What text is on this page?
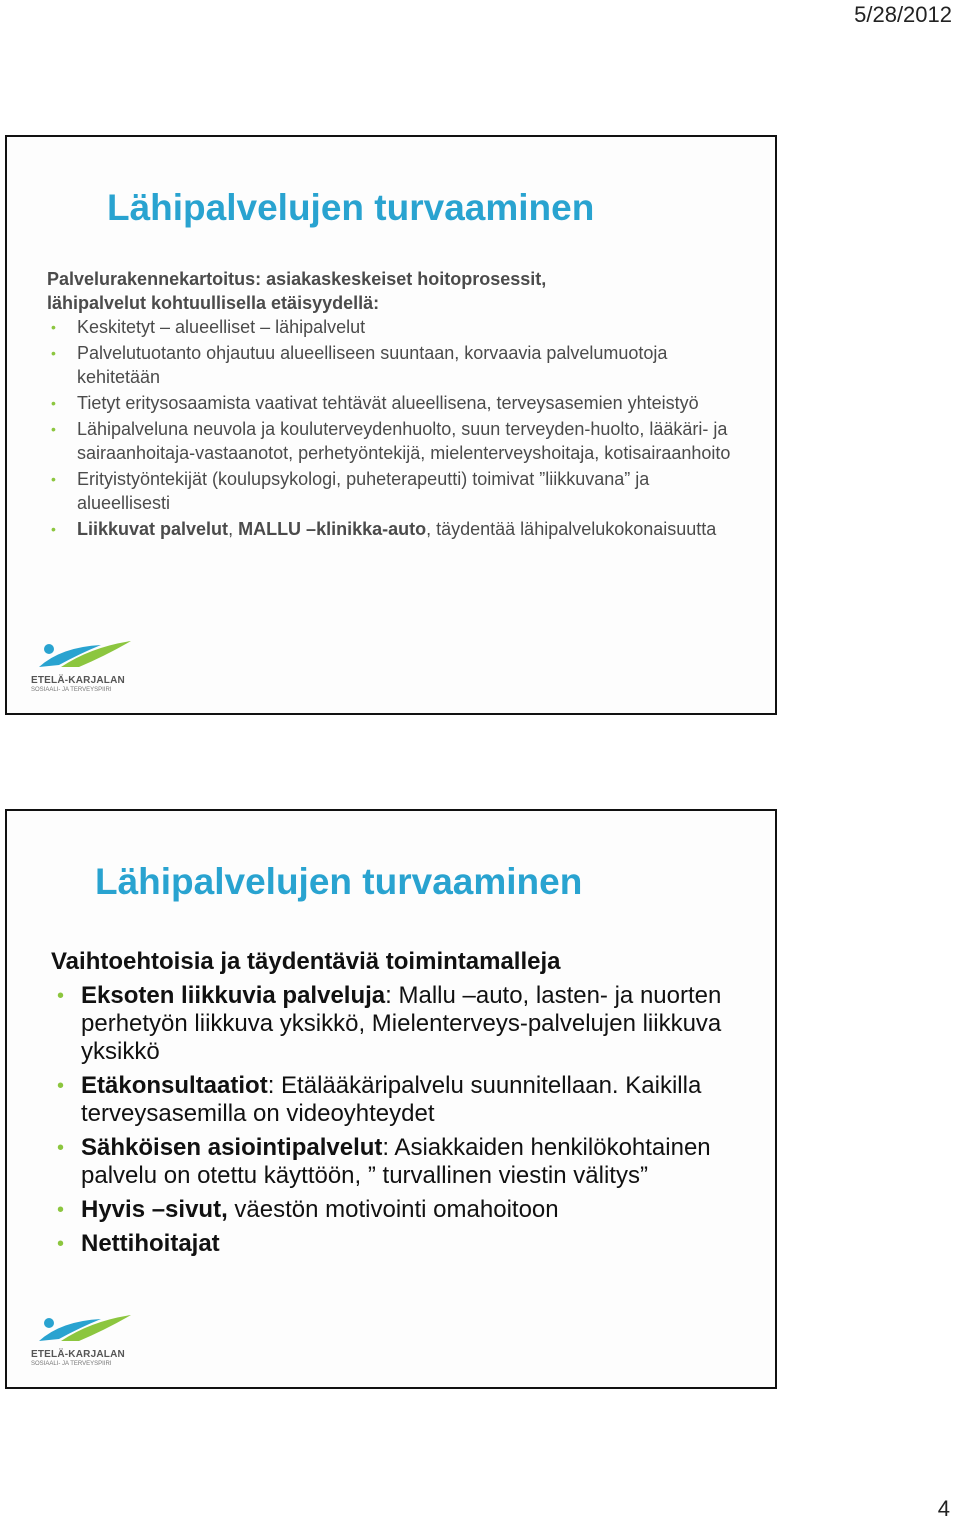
5/28/2012
Lähipalvelujen turvaaminen
Palvelurakennekartoitus: asiakaskeskeiset hoitoprosessit,
lähipalvelut kohtuullisella etäisyydellä:
• Keskitetyt – alueelliset – lähipalvelut
• Palvelutuotanto ohjautuu alueelliseen suuntaan, korvaavia palvelumuotoja kehitetään
• Tietyt eritysosaamista vaativat tehtävät alueellisena, terveysasemien yhteistyö
• Lähipalveluna neuvola ja kouluterveydenhuolto, suun terveyden-huolto, lääkäri- ja sairaanhoitaja-vastaanotot, perhetyöntekijä, mielenterveyshoitaja, kotisairaanhoito
• Erityistyöntekijät (koulupsykologi, puheterapeutti) toimivat ”liikkuvana” ja alueellisesti
• Liikkuvat palvelut, MALLU –klinikka-auto, täydentää lähipalvelukokonaisuutta
ETELÄ-KARJALAN
SOSIAALI- JA TERVEYSPIIRI
Lähipalvelujen turvaaminen
Vaihtoehtoisia ja täydentäviä toimintamalleja
• Eksoten liikkuvia palveluja: Mallu –auto, lasten- ja nuorten perhetyön liikkuva yksikkö, Mielenterveys-palvelujen liikkuva yksikkö
• Etäkonsultaatiot: Etälääkäripalvelu suunnitellaan. Kaikilla terveysasemilla on videoyhteydet
• Sähköisen asiointipalvelut: Asiakkaiden henkilökohtainen palvelu on otettu käyttöön, ” turvallinen viestin välitys”
• Hyvis –sivut, väestön motivointi omahoitoon
• Nettihoitajat
ETELÄ-KARJALAN
SOSIAALI- JA TERVEYSPIIRI
4
